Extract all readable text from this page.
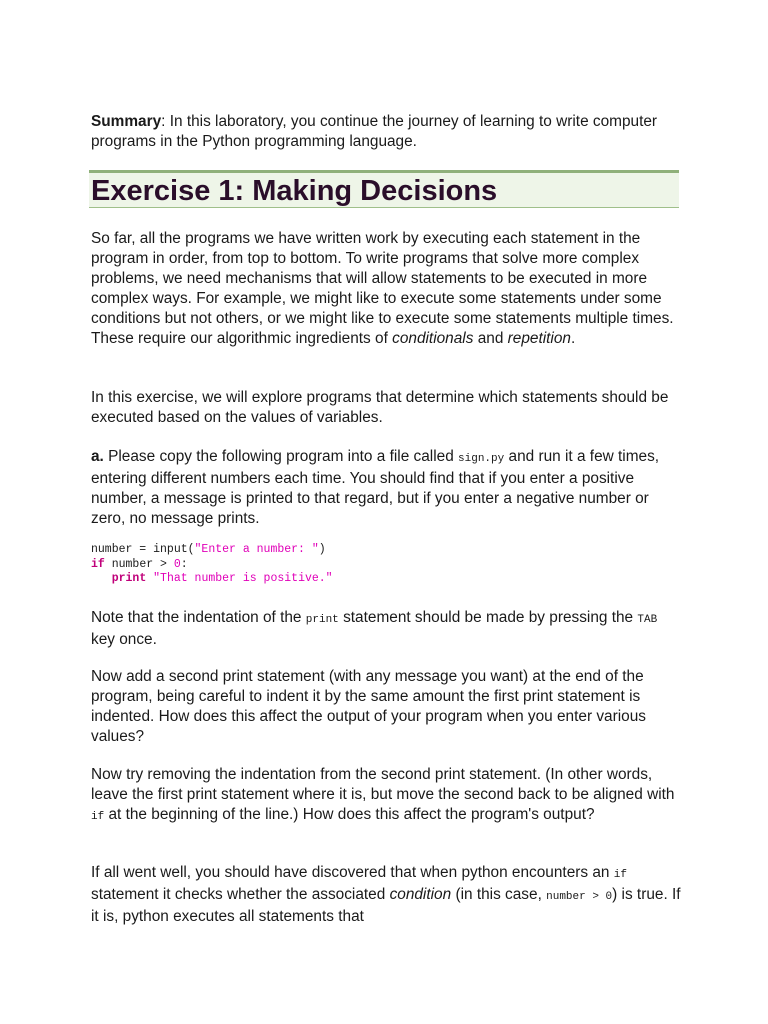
Summary: In this laboratory, you continue the journey of learning to write computer programs in the Python programming language.

Exercise 1: Making Decisions

So far, all the programs we have written work by executing each statement in the program in order, from top to bottom. To write programs that solve more complex problems, we need mechanisms that will allow statements to be executed in more complex ways. For example, we might like to execute some statements under some conditions but not others, or we might like to execute some statements multiple times. These require our algorithmic ingredients of conditionals and repetition.

In this exercise, we will explore programs that determine which statements should be executed based on the values of variables.

a. Please copy the following program into a file called sign.py and run it a few times, entering different numbers each time. You should find that if you enter a positive number, a message is printed to that regard, but if you enter a negative number or zero, no message prints.

number = input("Enter a number: ")
if number > 0:
print "That number is positive."

Note that the indentation of the print statement should be made by pressing the TAB key once.

Now add a second print statement (with any message you want) at the end of the program, being careful to indent it by the same amount the first print statement is indented. How does this affect the output of your program when you enter various values?

Now try removing the indentation from the second print statement. (In other words, leave the first print statement where it is, but move the second back to be aligned with if at the beginning of the line.) How does this affect the program's output?

If all went well, you should have discovered that when python encounters an if statement it checks whether the associated condition (in this case, number > 0) is true. If it is, python executes all statements that
